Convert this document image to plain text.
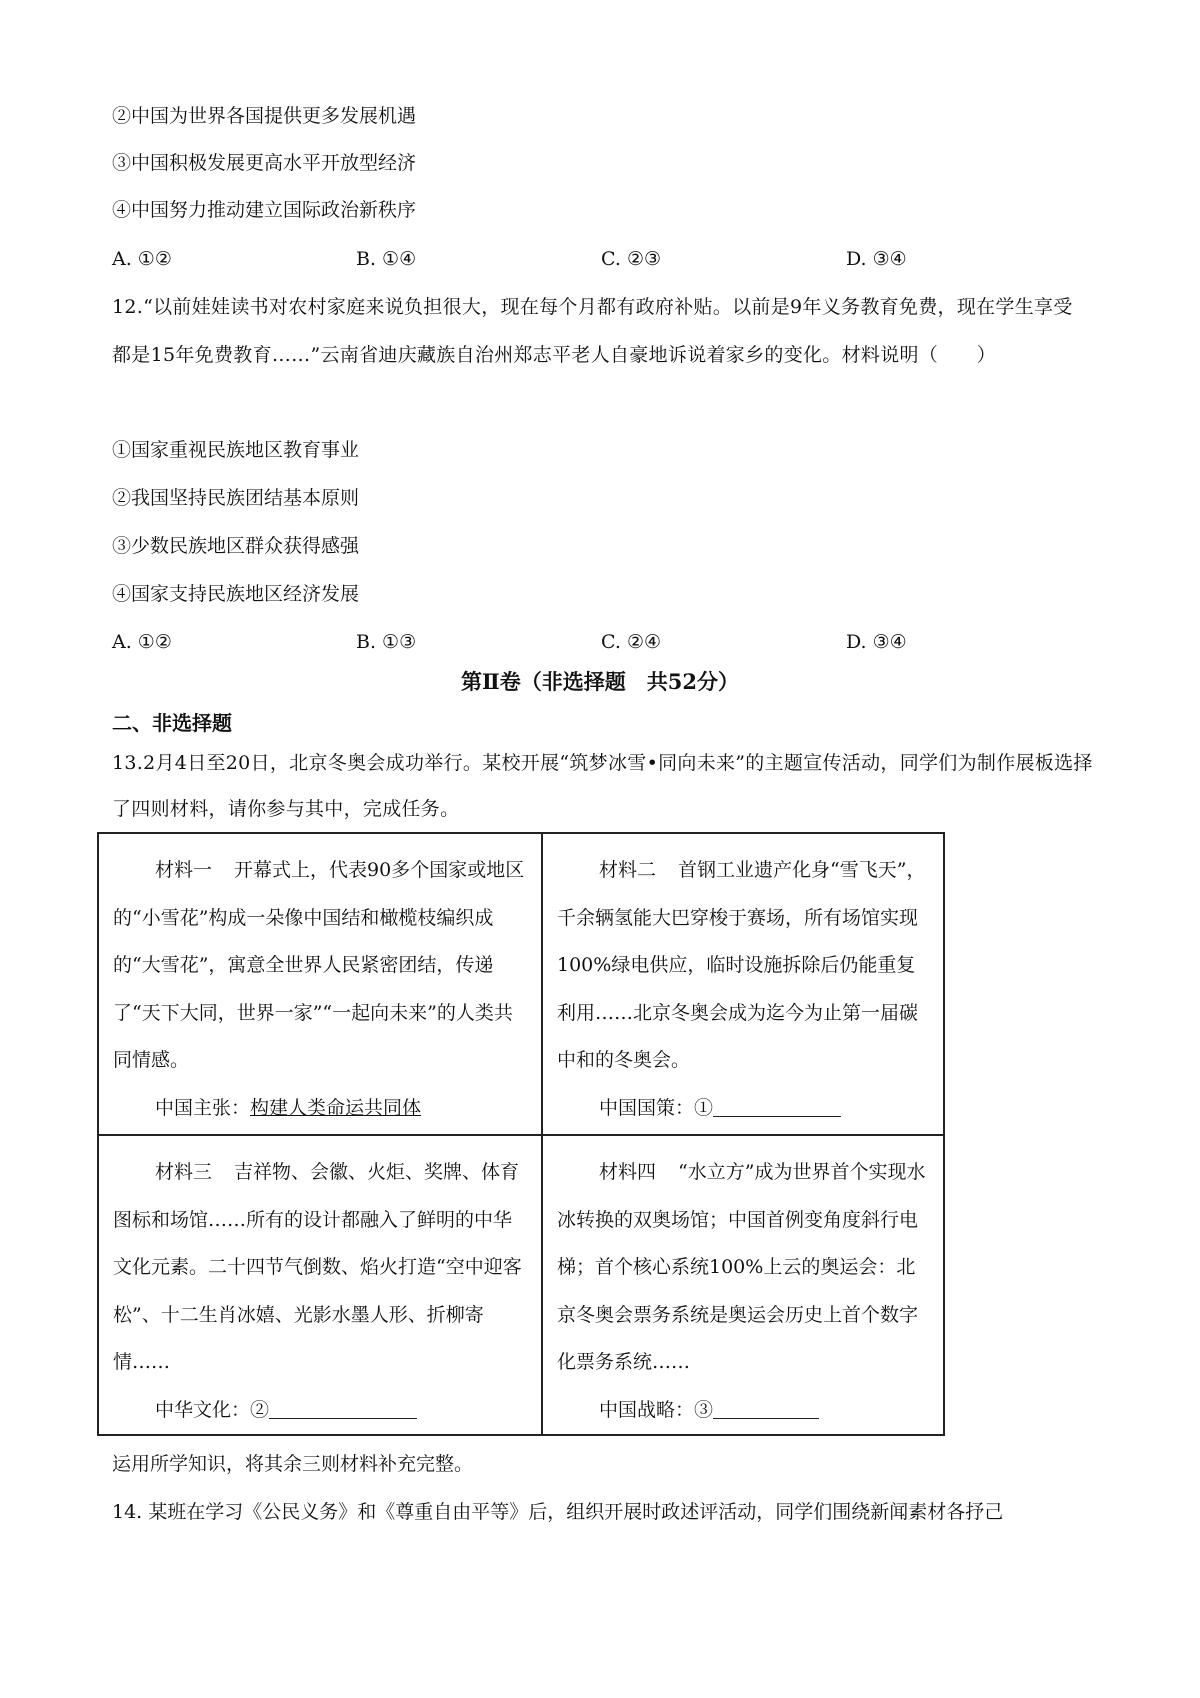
②中国为世界各国提供更多发展机遇
③中国积极发展更高水平开放型经济
④中国努力推动建立国际政治新秩序
A. ①②	B. ①④	C. ②③	D. ③④
12.“以前娃娃读书对农村家庭来说负担很大，现在每个月都有政府补贴。以前是9年义务教育免费，现在学生享受　都是15年免费教育……”云南省迪庆藏族自治州郑志平老人自豪地诉说着家乡的变化。材料说明（　　）
①国家重视民族地区教育事业
②我国坚持民族团结基本原则
③少数民族地区群众获得感强
④国家支持民族地区经济发展
A. ①②	B. ①③	C. ②④	D. ③④
第Ⅱ卷（非选择题　共52分）
二、非选择题
13.2月4日至20日，北京冬奥会成功举行。某校开展“筑梦冰雪•同向未来”的主题宣传活动，同学们为制作展板选择了四则材料，请你参与其中，完成任务。
材料一 开幕式上，代表90多个国家或地区的“小雪花”构成一朵像中国结和橄榄枝编织成的“大雪花”，寓意全世界人民紧密团结，传递了“天下大同，世界一家”“一起向未来”的人类共同情感。
中国主张：构建人类命运共同体
材料二 首钢工业遗产化身“雪飞天”，千余辆氢能大巴穿梭于赛场，所有场馆实现100%绿电供应，临时设施拆除后仍能重复利用……北京冬奥会成为迄今为止第一届碳中和的冬奥会。
中国国策：①
材料三 吉祥物、会徽、火炬、奖牌、体育图标和场馆……所有的设计都融入了鲜明的中华文化元素。二十四节气倒数、焰火打造“空中迎客松”、十二生肖冰嬉、光影水墨人形、折柳寄情……
中华文化：②
材料四 “水立方”成为世界首个实现水冰转换的双奥场馆；中国首例变角度斜行电梯；首个核心系统100%上云的奥运会：北京冬奥会票务系统是奥运会历史上首个数字化票务系统……
中国战略：③
运用所学知识，将其余三则材料补充完整。
14. 某班在学习《公民义务》和《尊重自由平等》后，组织开展时政述评活动，同学们围绕新闻素材各抒己
